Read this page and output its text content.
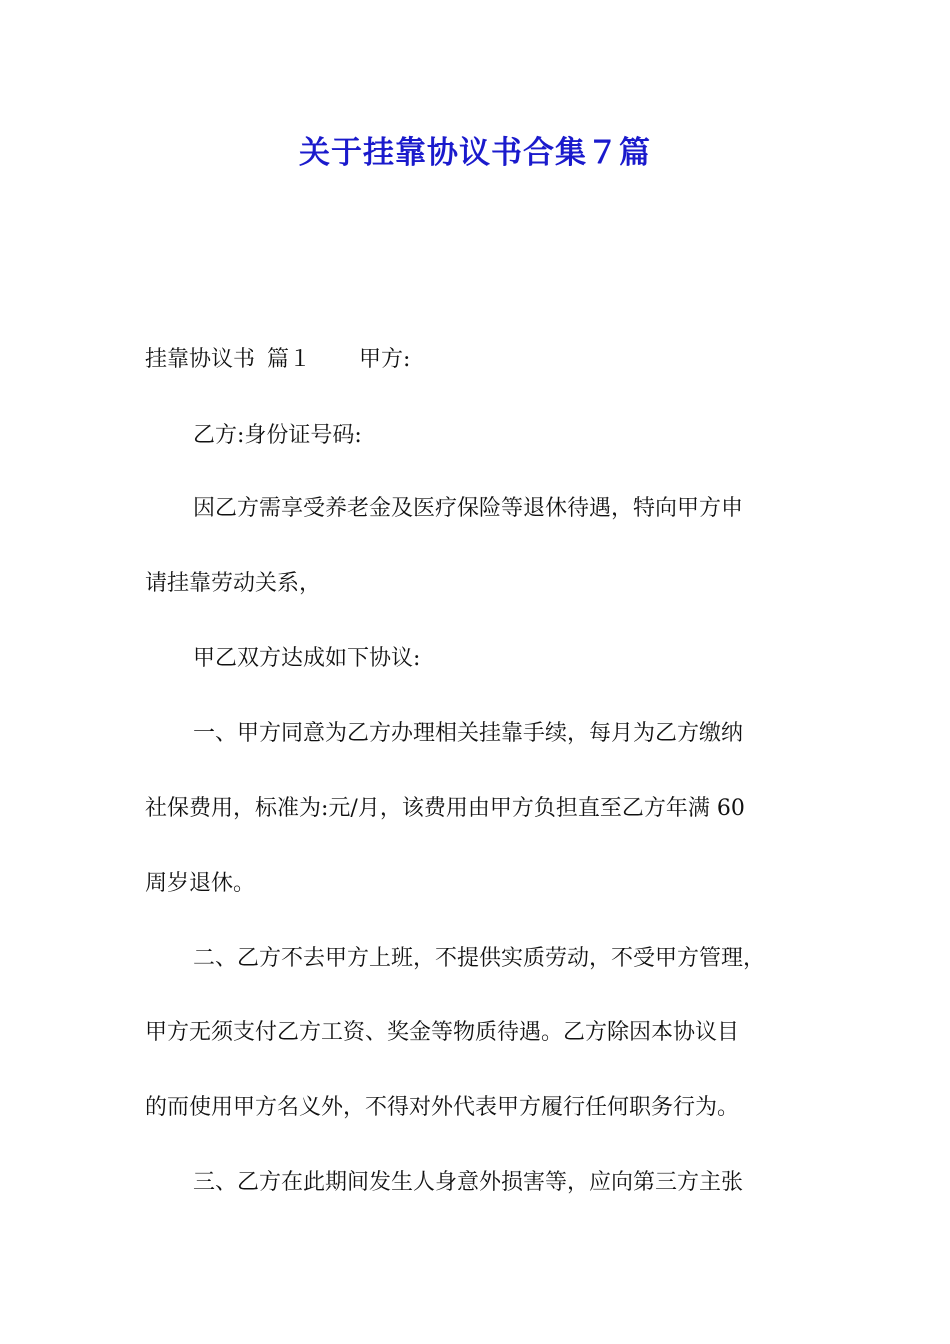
关于挂靠协议书合集７篇
挂靠协议书 篇１ 甲方:
乙方:身份证号码:
因乙方需享受养老金及医疗保险等退休待遇，特向甲方申
请挂靠劳动关系，
甲乙双方达成如下协议:
一、甲方同意为乙方办理相关挂靠手续，每月为乙方缴纳
社保费用，标准为:元/月，该费用由甲方负担直至乙方年满 60
周岁退休。
二、乙方不去甲方上班，不提供实质劳动，不受甲方管理，
甲方无须支付乙方工资、奖金等物质待遇。乙方除因本协议目
的而使用甲方名义外，不得对外代表甲方履行任何职务行为。
三、乙方在此期间发生人身意外损害等，应向第三方主张
